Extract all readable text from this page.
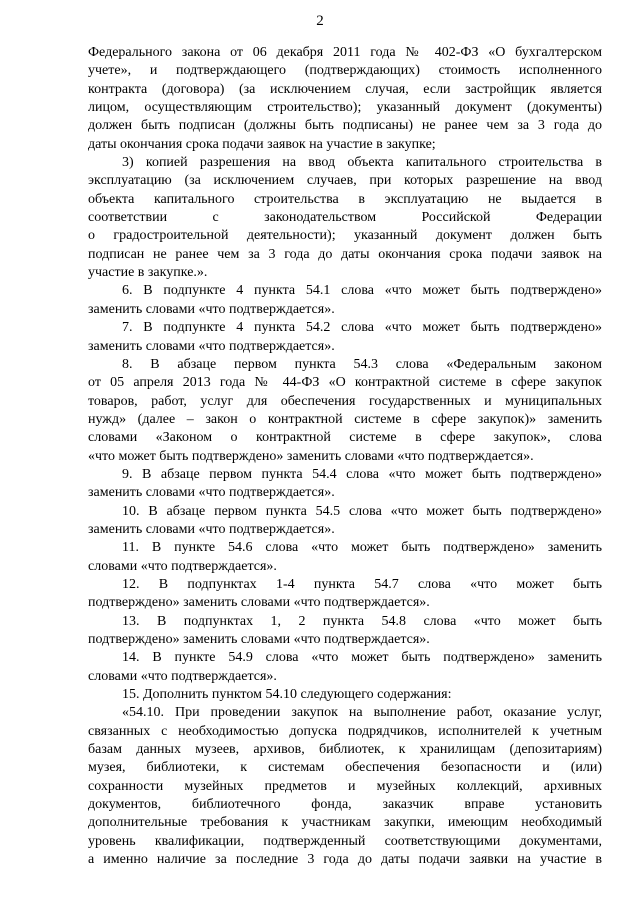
2
Федерального закона от 06 декабря 2011 года № 402-ФЗ «О бухгалтерском
учете», и подтверждающего (подтверждающих) стоимость исполненного
контракта (договора) (за исключением случая, если застройщик является
лицом, осуществляющим строительство); указанный документ (документы)
должен быть подписан (должны быть подписаны) не ранее чем за 3 года до
даты окончания срока подачи заявок на участие в закупке;
3) копией разрешения на ввод объекта капитального строительства в
эксплуатацию (за исключением случаев, при которых разрешение на ввод
объекта капитального строительства в эксплуатацию не выдается в
соответствии с законодательством Российской Федерации
о градостроительной деятельности); указанный документ должен быть
подписан не ранее чем за 3 года до даты окончания срока подачи заявок на
участие в закупке.».
6. В подпункте 4 пункта 54.1 слова «что может быть подтверждено»
заменить словами «что подтверждается».
7. В подпункте 4 пункта 54.2 слова «что может быть подтверждено»
заменить словами «что подтверждается».
8. В абзаце первом пункта 54.3 слова «Федеральным законом
от 05 апреля 2013 года № 44-ФЗ «О контрактной системе в сфере закупок
товаров, работ, услуг для обеспечения государственных и муниципальных
нужд» (далее – закон о контрактной системе в сфере закупок)» заменить
словами «Законом о контрактной системе в сфере закупок», слова
«что может быть подтверждено» заменить словами «что подтверждается».
9. В абзаце первом пункта 54.4 слова «что может быть подтверждено»
заменить словами «что подтверждается».
10. В абзаце первом пункта 54.5 слова «что может быть подтверждено»
заменить словами «что подтверждается».
11. В пункте 54.6 слова «что может быть подтверждено» заменить
словами «что подтверждается».
12. В подпунктах 1-4 пункта 54.7 слова «что может быть
подтверждено» заменить словами «что подтверждается».
13. В подпунктах 1, 2 пункта 54.8 слова «что может быть
подтверждено» заменить словами «что подтверждается».
14. В пункте 54.9 слова «что может быть подтверждено» заменить
словами «что подтверждается».
15. Дополнить пунктом 54.10 следующего содержания:
«54.10. При проведении закупок на выполнение работ, оказание услуг,
связанных с необходимостью допуска подрядчиков, исполнителей к учетным
базам данных музеев, архивов, библиотек, к хранилищам (депозитариям)
музея, библиотеки, к системам обеспечения безопасности и (или)
сохранности музейных предметов и музейных коллекций, архивных
документов, библиотечного фонда, заказчик вправе установить
дополнительные требования к участникам закупки, имеющим необходимый
уровень квалификации, подтвержденный соответствующими документами,
а именно наличие за последние 3 года до даты подачи заявки на участие в
